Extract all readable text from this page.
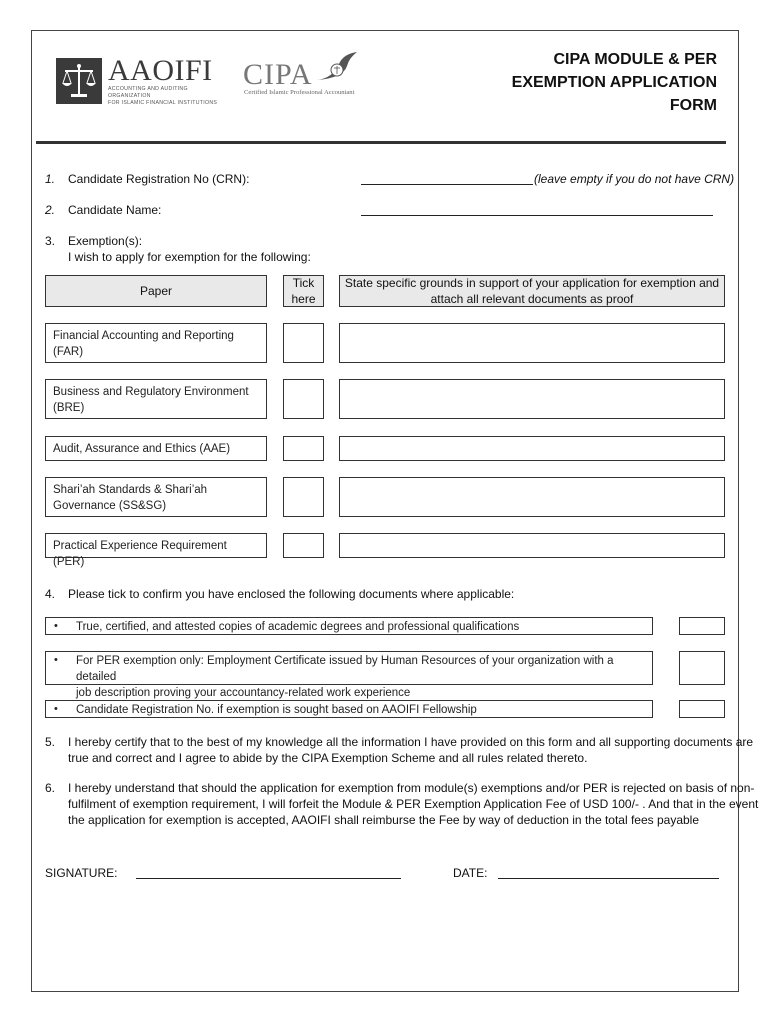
AAOIFI
ACCOUNTING AND AUDITING ORGANIZATION
FOR ISLAMIC FINANCIAL INSTITUTIONS
CIPA
Certified Islamic Professional Accountant
CIPA MODULE & PER
EXEMPTION APPLICATION
FORM
1. Candidate Registration No (CRN):	(leave empty if you do not have CRN)
2. Candidate Name:
3. Exemption(s):
I wish to apply for exemption for the following:
Paper
Tick
here
State specific grounds in support of your application for exemption and
attach all relevant documents as proof
Financial Accounting and Reporting
(FAR)
Business and Regulatory Environment
(BRE)
Audit, Assurance and Ethics (AAE)
Shari’ah Standards & Shari’ah
Governance (SS&SG)
Practical Experience Requirement (PER)
4. Please tick to confirm you have enclosed the following documents where applicable:
• True, certified, and attested copies of academic degrees and professional qualifications
• For PER exemption only: Employment Certificate issued by Human Resources of your organization with a detailed
job description proving your accountancy-related work experience
• Candidate Registration No. if exemption is sought based on AAOIFI Fellowship
5. I hereby certify that to the best of my knowledge all the information I have provided on this form and all supporting documents are
true and correct and I agree to abide by the CIPA Exemption Scheme and all rules related thereto.
6. I hereby understand that should the application for exemption from module(s) exemptions and/or PER is rejected on basis of non-
fulfilment of exemption requirement, I will forfeit the Module & PER Exemption Application Fee of USD 100/- . And that in the event
the application for exemption is accepted, AAOIFI shall reimburse the Fee by way of deduction in the total fees payable
SIGNATURE:	DATE:
